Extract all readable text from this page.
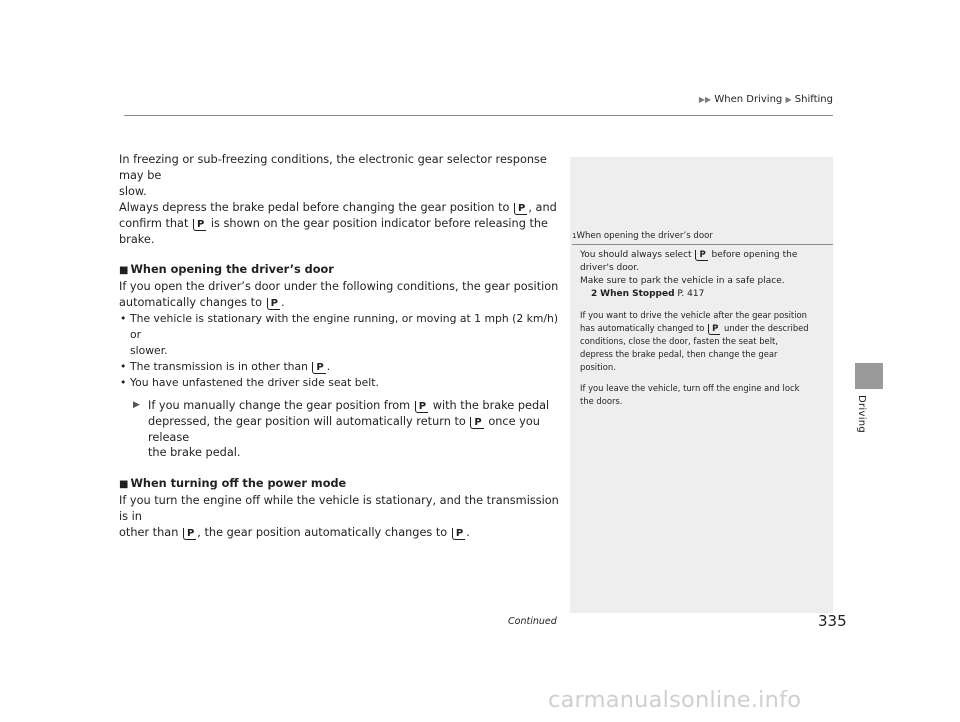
▶▶ When Driving ▶ Shifting
Driving

In freezing or sub-freezing conditions, the electronic gear selector response may be
slow.
Always depress the brake pedal before changing the gear position to P , and
confirm that P is shown on the gear position indicator before releasing the brake.

■ When opening the driver’s door

If you open the driver’s door under the following conditions, the gear position
automatically changes to P .

• The vehicle is stationary with the engine running, or moving at 1 mph (2 km/h) or
slower.

• The transmission is in other than P .

• You have unfastened the driver side seat belt.

▶ If you manually change the gear position from P with the brake pedal
depressed, the gear position will automatically return to P once you release
the brake pedal.

■ When turning off the power mode

If you turn the engine off while the vehicle is stationary, and the transmission is in
other than P , the gear position automatically changes to P .

1When opening the driver’s door

You should always select P before opening the
driver's door.
Make sure to park the vehicle in a safe place.

2 When Stopped P. 417

If you want to drive the vehicle after the gear position
has automatically changed to P under the described
conditions, close the door, fasten the seat belt,
depress the brake pedal, then change the gear
position.

If you leave the vehicle, turn off the engine and lock
the doors.

Continued	335
carmanualsonline.info
